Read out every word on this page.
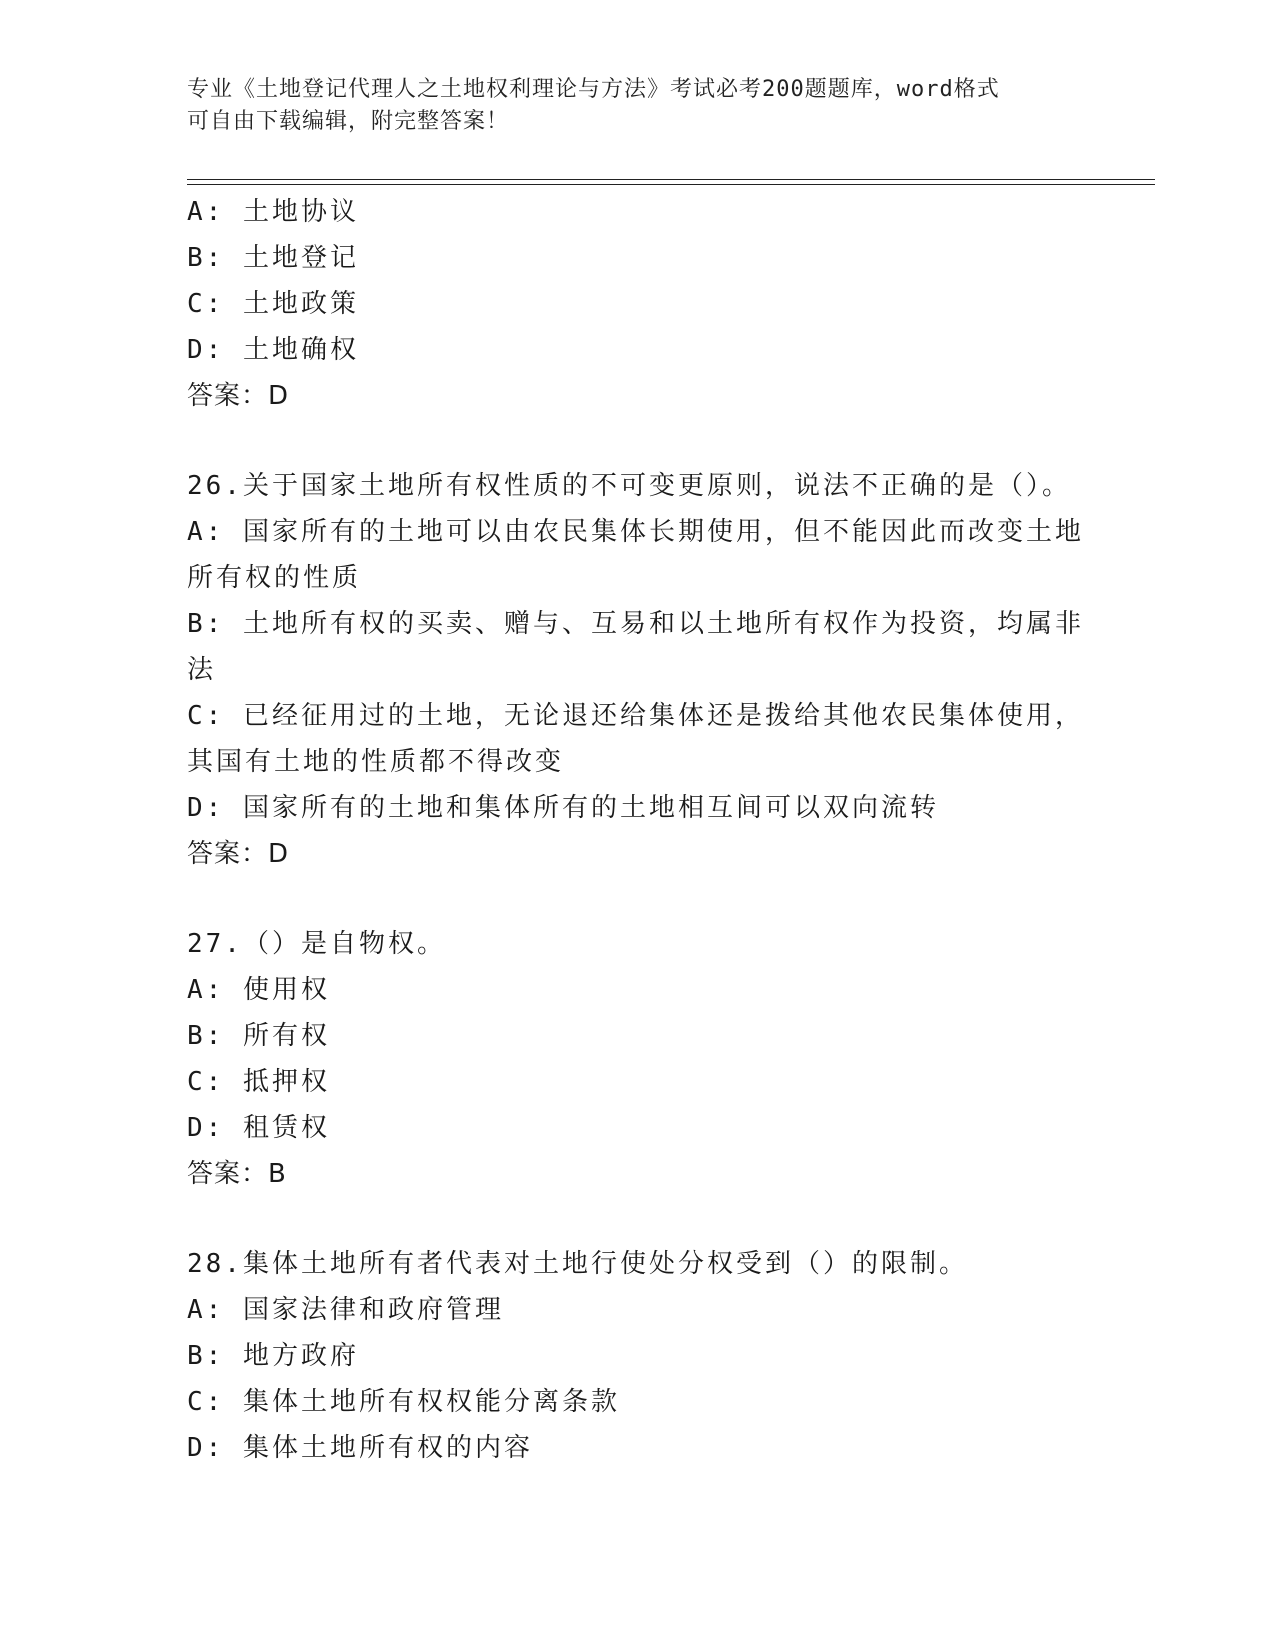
专业《土地登记代理人之土地权利理论与方法》考试必考200题题库，word格式
可自由下载编辑，附完整答案！
A: 土地协议
B: 土地登记
C: 土地政策
D: 土地确权
答案：D
26.关于国家土地所有权性质的不可变更原则，说法不正确的是（）。
A: 国家所有的土地可以由农民集体长期使用，但不能因此而改变土地
所有权的性质
B: 土地所有权的买卖、赠与、互易和以土地所有权作为投资，均属非
法
C: 已经征用过的土地，无论退还给集体还是拨给其他农民集体使用，
其国有土地的性质都不得改变
D: 国家所有的土地和集体所有的土地相互间可以双向流转
答案：D
27.（）是自物权。
A: 使用权
B: 所有权
C: 抵押权
D: 租赁权
答案：B
28.集体土地所有者代表对土地行使处分权受到（）的限制。
A: 国家法律和政府管理
B: 地方政府
C: 集体土地所有权权能分离条款
D: 集体土地所有权的内容
